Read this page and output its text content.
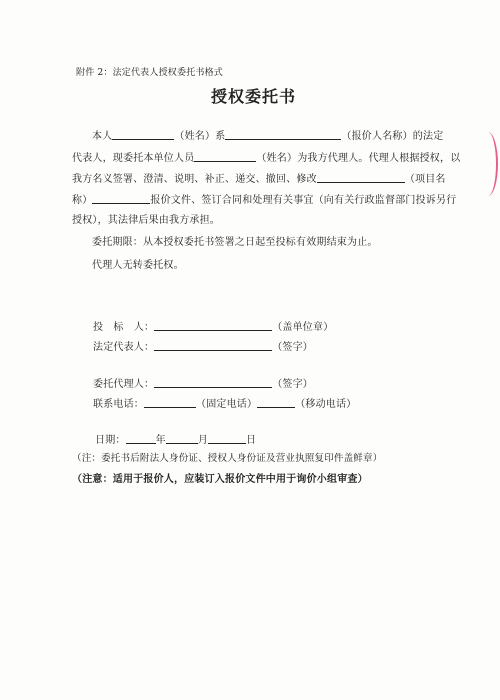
附件 2：法定代表人授权委托书格式
授权委托书
本人	（姓名）系	（报价人名称）的法定
代表人，现委托本单位人员	（姓名）为我方代理人。代理人根据授权，以
我方名义签署、澄清、说明、补正、递交、撤回、修改	（项目名
称）	报价文件、签订合同和处理有关事宜（向有关行政监督部门投诉另行
授权），其法律后果由我方承担。
委托期限：从本授权委托书签署之日起至投标有效期结束为止。
代理人无转委托权。
投　标　人：	（盖单位章）
法定代表人：	（签字）
委托代理人：	（签字）
联系电话：	（固定电话）	（移动电话）
日期：	年	月	日
（注：委托书后附法人身份证、授权人身份证及营业执照复印件盖鲜章）
（注意：适用于报价人，应装订入报价文件中用于询价小组审查）
